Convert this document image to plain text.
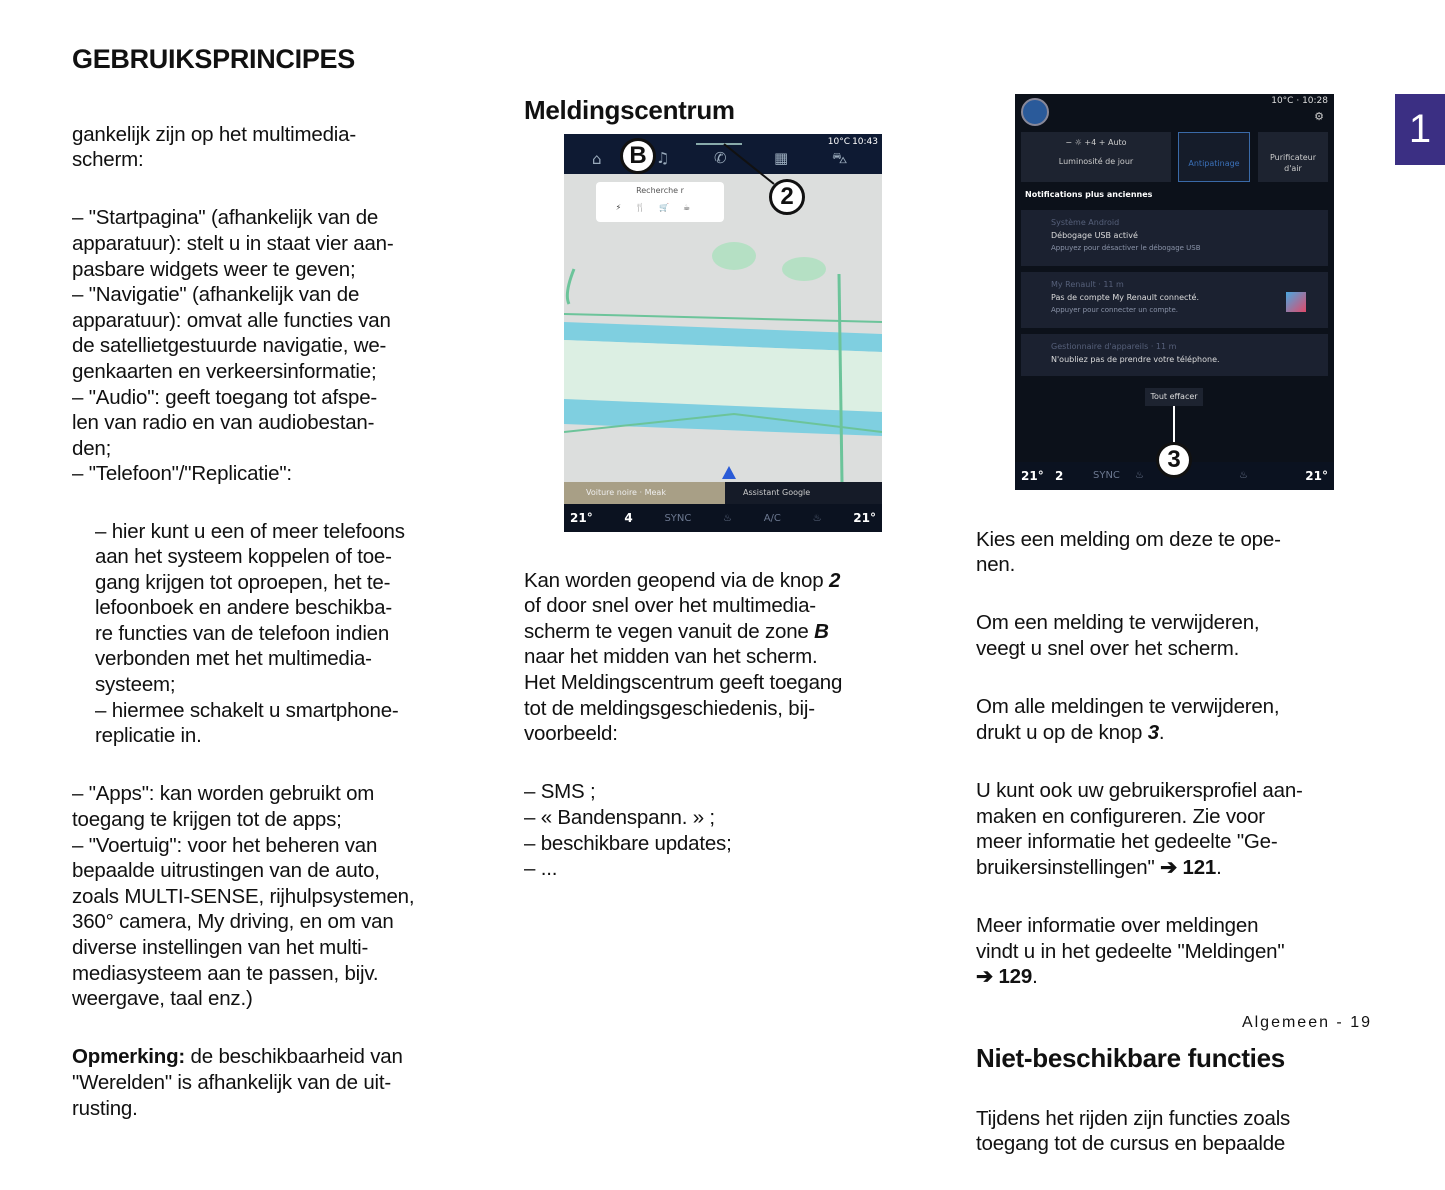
GEBRUIKSPRINCIPES
1

gankelijk zijn op het multimedia-
scherm:

– "Startpagina" (afhankelijk van de
apparatuur): stelt u in staat vier aan-
pasbare widgets weer te geven;
– "Navigatie" (afhankelijk van de
apparatuur): omvat alle functies van
de satellietgestuurde navigatie, we-
genkaarten en verkeersinformatie;
– "Audio": geeft toegang tot afspe-
len van radio en van audiobestan-
den;
– "Telefoon"/"Replicatie":

– hier kunt u een of meer telefoons
aan het systeem koppelen of toe-
gang krijgen tot oproepen, het te-
lefoonboek en andere beschikba-
re functies van de telefoon indien
verbonden met het multimedia-
systeem;
– hiermee schakelt u smartphone-
replicatie in.

– "Apps": kan worden gebruikt om
toegang te krijgen tot de apps;
– "Voertuig": voor het beheren van
bepaalde uitrustingen van de auto,
zoals MULTI-SENSE, rijhulpsystemen,
360° camera, My driving, en om van
diverse instellingen van het multi-
mediasysteem aan te passen, bijv.
weergave, taal enz.)

Opmerking: de beschikbaarheid van
"Werelden" is afhankelijk van de uit-
rusting.

Meldingscentrum
10°C 10:43
⌂	♫	✆	▦	⛍
Recherche r
⚡🍴🛒☕
Voiture noire · Meak	Assistant Google
21°	4	SYNC	♨	A/C	♨	21°
B
2

Kan worden geopend via de knop 2
of door snel over het multimedia-
scherm te vegen vanuit de zone B
naar het midden van het scherm.
Het Meldingscentrum geeft toegang
tot de meldingsgeschiedenis, bij-
voorbeeld:

– SMS ;
– « Bandenspann. » ;
– beschikbare updates;
– ...

10°C · 10:28
⚙
− ☼ +4 + Auto
Luminosité de jour	Antipatinage
Purificateur
d'air
Notifications plus anciennes
Système Android
Débogage USB activé
Appuyez pour désactiver le débogage USB
My Renault · 11 m
Pas de compte My Renault connecté.
Appuyer pour connecter un compte.
Gestionnaire d'appareils · 11 m
N'oubliez pas de prendre votre téléphone.
Tout effacer
21° 2	SYNC ♨	♨	21°
3

Kies een melding om deze te ope-
nen.

Om een melding te verwijderen,
veegt u snel over het scherm.

Om alle meldingen te verwijderen,
drukt u op de knop 3.

U kunt ook uw gebruikersprofiel aan-
maken en configureren. Zie voor
meer informatie het gedeelte "Ge-
bruikersinstellingen" ➔ 121.

Meer informatie over meldingen
vindt u in het gedeelte "Meldingen"
➔ 129.

Niet-beschikbare functies

Tijdens het rijden zijn functies zoals
toegang tot de cursus en bepaalde

Algemeen - 19
